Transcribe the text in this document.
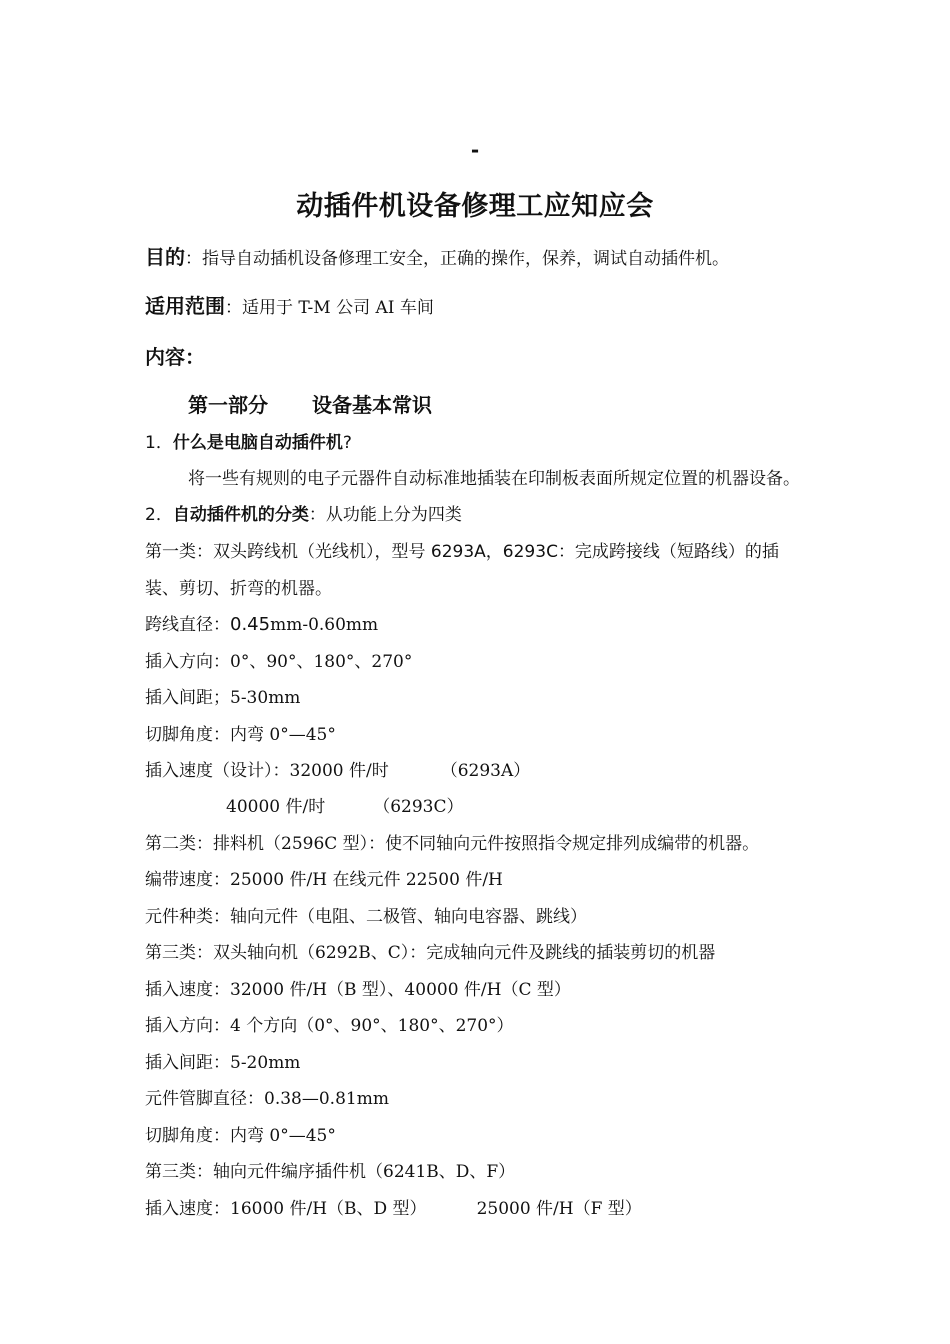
-
动插件机设备修理工应知应会
目的：指导自动插机设备修理工安全，正确的操作，保养，调试自动插件机。
适用范围：适用于 T-M 公司 AI 车间
内容：
第一部分 设备基本常识
1．什么是电脑自动插件机?
将一些有规则的电子元器件自动标准地插装在印制板表面所规定位置的机器设备。
2．自动插件机的分类：从功能上分为四类
第一类：双头跨线机（光线机），型号 6293A，6293C：完成跨接线（短路线）的插
装、剪切、折弯的机器。
跨线直径：0.45mm-0.60mm
插入方向：0°、90°、180°、270°
插入间距；5-30mm
切脚角度：内弯 0°—45°
插入速度（设计）：32000 件/时	（6293A）
40000 件/时	（6293C）
第二类：排料机（2596C 型）：使不同轴向元件按照指令规定排列成编带的机器。
编带速度：25000 件/H 在线元件 22500 件/H
元件种类：轴向元件（电阻、二极管、轴向电容器、跳线）
第三类：双头轴向机（6292B、C）：完成轴向元件及跳线的插装剪切的机器
插入速度：32000 件/H（B 型）、40000 件/H（C 型）
插入方向：4 个方向（0°、90°、180°、270°）
插入间距：5-20mm
元件管脚直径：0.38—0.81mm
切脚角度：内弯 0°—45°
第三类：轴向元件编序插件机（6241B、D、F）
插入速度：16000 件/H（B、D 型）	25000 件/H（F 型）
